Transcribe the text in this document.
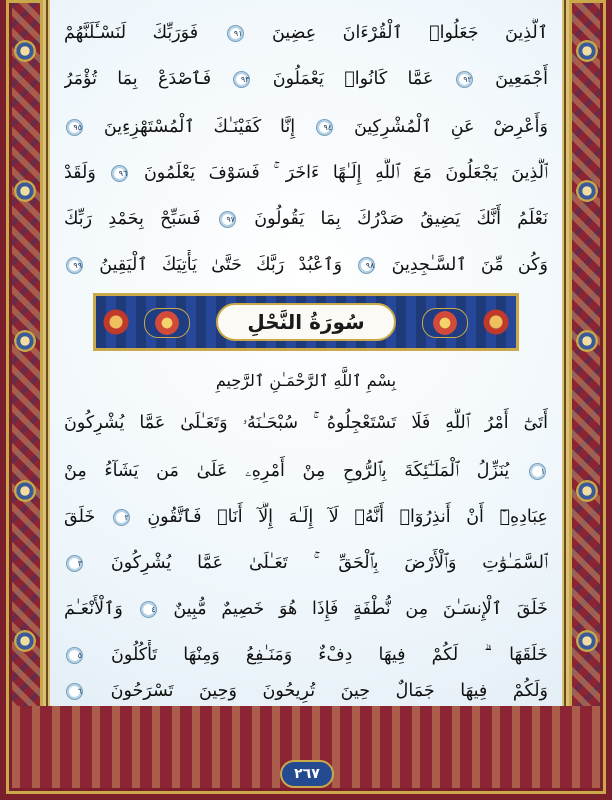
ٱلَّذِينَ جَعَلُوا۟ ٱلْقُرْءَانَ عِضِينَ ٩١ فَوَرَبِّكَ لَنَسْـَٔلَنَّهُمْ
أَجْمَعِينَ ٩٢ عَمَّا كَانُوا۟ يَعْمَلُونَ ٩٣ فَٱصْدَعْ بِمَا تُؤْمَرُ
وَأَعْرِضْ عَنِ ٱلْمُشْرِكِينَ ٩٤ إِنَّا كَفَيْنَـٰكَ ٱلْمُسْتَهْزِءِينَ ٩٥
ٱلَّذِينَ يَجْعَلُونَ مَعَ ٱللَّهِ إِلَـٰهًا ءَاخَرَ ۚ فَسَوْفَ يَعْلَمُونَ ٩٦ وَلَقَدْ
نَعْلَمُ أَنَّكَ يَضِيقُ صَدْرُكَ بِمَا يَقُولُونَ ٩٧ فَسَبِّحْ بِحَمْدِ رَبِّكَ
وَكُن مِّنَ ٱلسَّـٰجِدِينَ ٩٨ وَٱعْبُدْ رَبَّكَ حَتَّىٰ يَأْتِيَكَ ٱلْيَقِينُ ٩٩
سُورَةُ النَّحْلِ
بِسْمِ ٱللَّهِ ٱلرَّحْمَـٰنِ ٱلرَّحِيمِ
أَتَىٰٓ أَمْرُ ٱللَّهِ فَلَا تَسْتَعْجِلُوهُ ۚ سُبْحَـٰنَهُۥ وَتَعَـٰلَىٰ عَمَّا يُشْرِكُونَ
١ يُنَزِّلُ ٱلْمَلَـٰٓئِكَةَ بِٱلرُّوحِ مِنْ أَمْرِهِۦ عَلَىٰ مَن يَشَآءُ مِنْ
عِبَادِهِۦٓ أَنْ أَنذِرُوٓا۟ أَنَّهُۥ لَآ إِلَـٰهَ إِلَّآ أَنَا۠ فَٱتَّقُونِ ٢ خَلَقَ
ٱلسَّمَـٰوَٰتِ وَٱلْأَرْضَ بِٱلْحَقِّ ۚ تَعَـٰلَىٰ عَمَّا يُشْرِكُونَ ٣
خَلَقَ ٱلْإِنسَـٰنَ مِن نُّطْفَةٍ فَإِذَا هُوَ خَصِيمٌ مُّبِينٌ ٤ وَٱلْأَنْعَـٰمَ
خَلَقَهَا ۗ لَكُمْ فِيهَا دِفْءٌ وَمَنَـٰفِعُ وَمِنْهَا تَأْكُلُونَ ٥
وَلَكُمْ فِيهَا جَمَالٌ حِينَ تُرِيحُونَ وَحِينَ تَسْرَحُونَ ٦
٢٦٧
